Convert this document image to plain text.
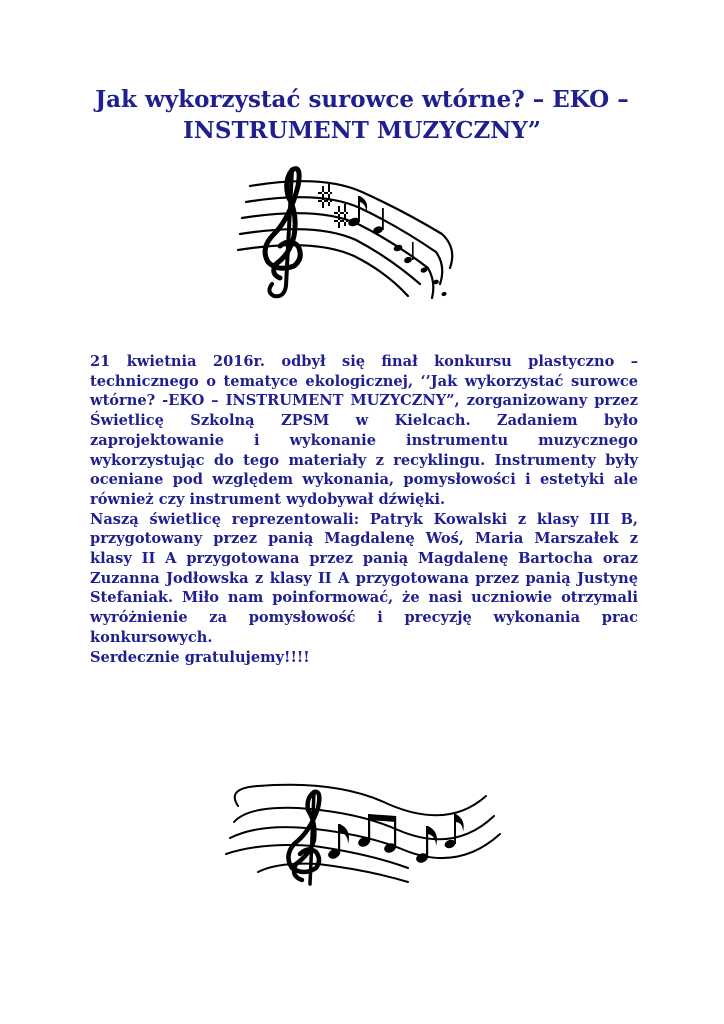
Jak wykorzystać surowce wtórne? – EKO –
INSTRUMENT MUZYCZNY”

21 kwietnia 2016r. odbył się finał konkursu plastyczno – technicznego o tematyce ekologicznej, ‘’Jak wykorzystać surowce wtórne? -EKO – INSTRUMENT MUZYCZNY”, zorganizowany przez Świetlicę Szkolną ZPSM w Kielcach. Zadaniem było zaprojektowanie i wykonanie instrumentu muzycznego wykorzystując do tego materiały z recyklingu. Instrumenty były oceniane pod względem wykonania, pomysłowości i estetyki ale również czy instrument wydobywał dźwięki.

Naszą świetlicę reprezentowali: Patryk Kowalski z klasy III B, przygotowany przez panią Magdalenę Woś, Maria Marszałek z klasy II A przygotowana przez panią Magdalenę Bartocha oraz Zuzanna Jodłowska z klasy II A przygotowana przez panią Justynę Stefaniak. Miło nam poinformować, że nasi uczniowie otrzymali wyróżnienie za pomysłowość i precyzję wykonania prac konkursowych.

Serdecznie gratulujemy!!!!
